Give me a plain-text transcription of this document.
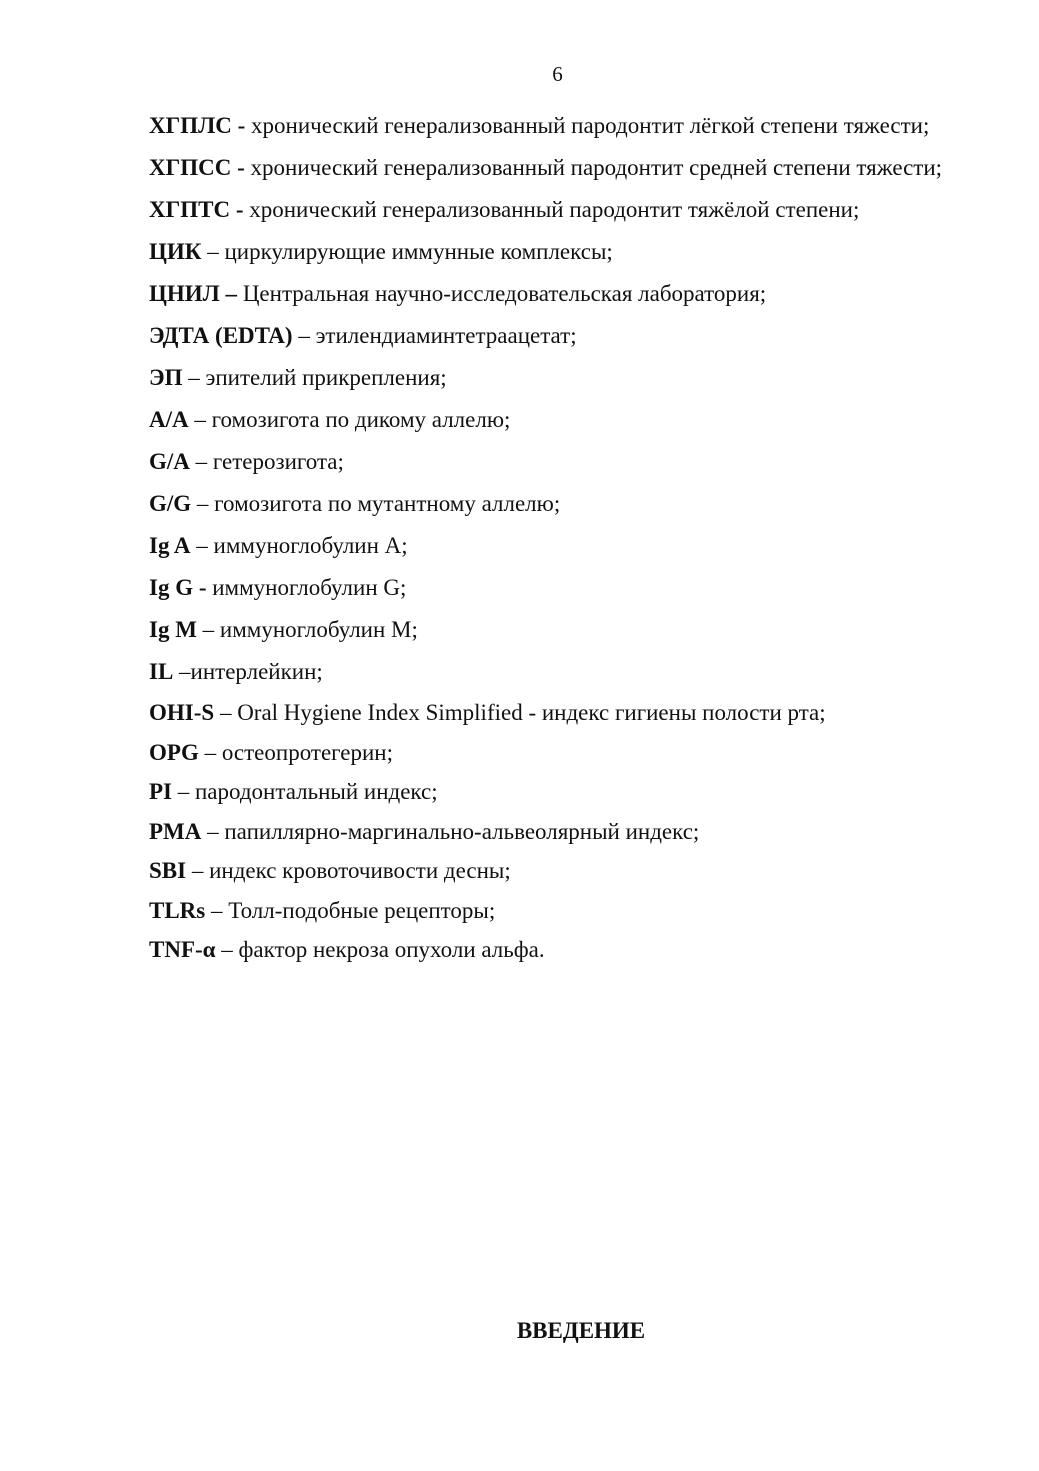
6
ХГПЛС - хронический генерализованный пародонтит лёгкой степени тяжести;
ХГПСС - хронический генерализованный пародонтит средней степени тяжести;
ХГПТС - хронический генерализованный пародонтит тяжёлой степени;
ЦИК – циркулирующие иммунные комплексы;
ЦНИЛ – Центральная научно-исследовательская лаборатория;
ЭДТА (EDTA) – этилендиаминтетраацетат;
ЭП – эпителий прикрепления;
A/A – гомозигота по дикому аллелю;
G/A – гетерозигота;
G/G – гомозигота по мутантному аллелю;
Ig A – иммуноглобулин A;
Ig G - иммуноглобулин G;
Ig M – иммуноглобулин M;
IL –интерлейкин;
OHI-S – Oral Hygiene Index Simplified - индекс гигиены полости рта;
OPG – остеопротегерин;
PI – пародонтальный индекс;
PMA – папиллярно-маргинально-альвеолярный индекс;
SBI – индекс кровоточивости десны;
TLRs – Толл-подобные рецепторы;
TNF-α – фактор некроза опухоли альфа.
ВВЕДЕНИЕ
